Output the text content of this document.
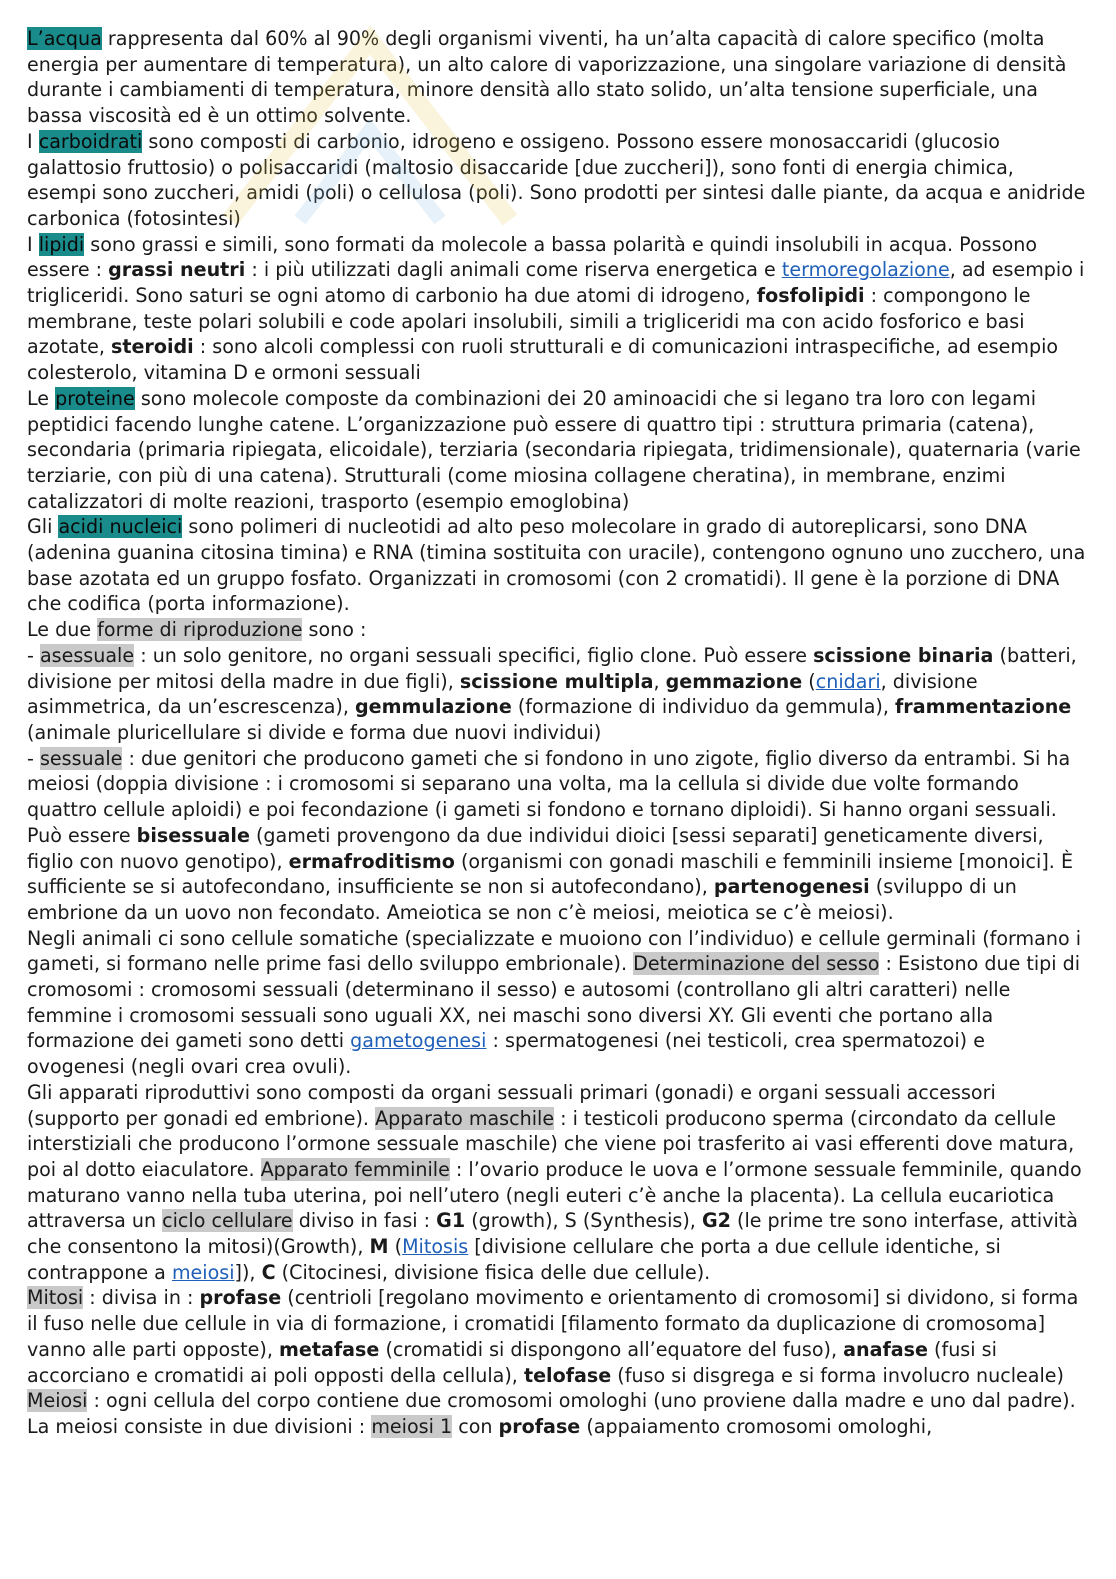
L’acqua rappresenta dal 60% al 90% degli organismi viventi, ha un’alta capacità di calore specifico (molta energia per aumentare di temperatura), un alto calore di vaporizzazione, una singolare variazione di densità durante i cambiamenti di temperatura, minore densità allo stato solido, un’alta tensione superficiale, una bassa viscosità ed è un ottimo solvente.

I carboidrati sono composti di carbonio, idrogeno e ossigeno. Possono essere monosaccaridi (glucosio galattosio fruttosio) o polisaccaridi (maltosio disaccaride [due zuccheri]), sono fonti di energia chimica, esempi sono zuccheri, amidi (poli) o cellulosa (poli). Sono prodotti per sintesi dalle piante, da acqua e anidride carbonica (fotosintesi)

I lipidi sono grassi e simili, sono formati da molecole a bassa polarità e quindi insolubili in acqua. Possono essere : grassi neutri : i più utilizzati dagli animali come riserva energetica e termoregolazione, ad esempio i trigliceridi. Sono saturi se ogni atomo di carbonio ha due atomi di idrogeno, fosfolipidi : compongono le membrane, teste polari solubili e code apolari insolubili, simili a trigliceridi ma con acido fosforico e basi azotate, steroidi : sono alcoli complessi con ruoli strutturali e di comunicazioni intraspecifiche, ad esempio colesterolo, vitamina D e ormoni sessuali

Le proteine sono molecole composte da combinazioni dei 20 aminoacidi che si legano tra loro con legami peptidici facendo lunghe catene. L’organizzazione può essere di quattro tipi : struttura primaria (catena), secondaria (primaria ripiegata, elicoidale), terziaria (secondaria ripiegata, tridimensionale), quaternaria (varie terziarie, con più di una catena). Strutturali (come miosina collagene cheratina), in membrane, enzimi catalizzatori di molte reazioni, trasporto (esempio emoglobina)

Gli acidi nucleici sono polimeri di nucleotidi ad alto peso molecolare in grado di autoreplicarsi, sono DNA (adenina guanina citosina timina) e RNA (timina sostituita con uracile), contengono ognuno uno zucchero, una base azotata ed un gruppo fosfato. Organizzati in cromosomi (con 2 cromatidi). Il gene è la porzione di DNA che codifica (porta informazione).

Le due forme di riproduzione sono :

- asessuale : un solo genitore, no organi sessuali specifici, figlio clone. Può essere scissione binaria (batteri, divisione per mitosi della madre in due figli), scissione multipla, gemmazione (cnidari, divisione asimmetrica, da un’escrescenza), gemmulazione (formazione di individuo da gemmula), frammentazione (animale pluricellulare si divide e forma due nuovi individui)

- sessuale : due genitori che producono gameti che si fondono in uno zigote, figlio diverso da entrambi. Si ha meiosi (doppia divisione : i cromosomi si separano una volta, ma la cellula si divide due volte formando quattro cellule aploidi) e poi fecondazione (i gameti si fondono e tornano diploidi). Si hanno organi sessuali. Può essere bisessuale (gameti provengono da due individui dioici [sessi separati] geneticamente diversi, figlio con nuovo genotipo), ermafroditismo (organismi con gonadi maschili e femminili insieme [monoici]. È sufficiente se si autofecondano, insufficiente se non si autofecondano), partenogenesi (sviluppo di un embrione da un uovo non fecondato. Ameiotica se non c’è meiosi, meiotica se c’è meiosi).

Negli animali ci sono cellule somatiche (specializzate e muoiono con l’individuo) e cellule germinali (formano i gameti, si formano nelle prime fasi dello sviluppo embrionale). Determinazione del sesso : Esistono due tipi di cromosomi : cromosomi sessuali (determinano il sesso) e autosomi (controllano gli altri caratteri) nelle femmine i cromosomi sessuali sono uguali XX, nei maschi sono diversi XY. Gli eventi che portano alla formazione dei gameti sono detti gametogenesi : spermatogenesi (nei testicoli, crea spermatozoi) e ovogenesi (negli ovari crea ovuli).

Gli apparati riproduttivi sono composti da organi sessuali primari (gonadi) e organi sessuali accessori (supporto per gonadi ed embrione). Apparato maschile : i testicoli producono sperma (circondato da cellule interstiziali che producono l’ormone sessuale maschile) che viene poi trasferito ai vasi efferenti dove matura, poi al dotto eiaculatore. Apparato femminile : l’ovario produce le uova e l’ormone sessuale femminile, quando maturano vanno nella tuba uterina, poi nell’utero (negli euteri c’è anche la placenta). La cellula eucariotica attraversa un ciclo cellulare diviso in fasi : G1 (growth), S (Synthesis), G2 (le prime tre sono interfase, attività che consentono la mitosi)(Growth), M (Mitosis [divisione cellulare che porta a due cellule identiche, si contrappone a meiosi]), C (Citocinesi, divisione fisica delle due cellule).

Mitosi : divisa in : profase (centrioli [regolano movimento e orientamento di cromosomi] si dividono, si forma il fuso nelle due cellule in via di formazione, i cromatidi [filamento formato da duplicazione di cromosoma] vanno alle parti opposte), metafase (cromatidi si dispongono all’equatore del fuso), anafase (fusi si accorciano e cromatidi ai poli opposti della cellula), telofase (fuso si disgrega e si forma involucro nucleale)

Meiosi : ogni cellula del corpo contiene due cromosomi omologhi (uno proviene dalla madre e uno dal padre). La meiosi consiste in due divisioni : meiosi 1 con profase (appaiamento cromosomi omologhi,
